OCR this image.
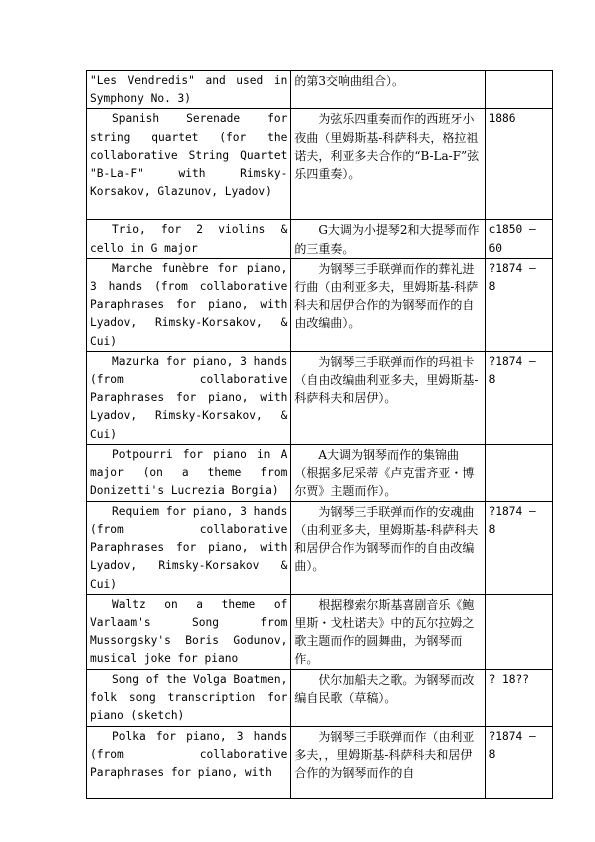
"Les Vendredis" and used in Symphony No. 3)	的第3交响曲组合）。	
Spanish Serenade for string quartet (for the collaborative String Quartet "B-La-F" with Rimsky-Korsakov, Glazunov, Lyadov)	为弦乐四重奏而作的西班牙小夜曲（里姆斯基-科萨科夫，格拉祖诺夫，利亚多夫合作的“B-La-F”弦乐四重奏）。	1886
Trio, for 2 violins & cello in G major	G大调为小提琴2和大提琴而作的三重奏。	c1850 – 60
Marche funèbre for piano, 3 hands (from collaborative Paraphrases for piano, with Lyadov, Rimsky-Korsakov, & Cui)	为钢琴三手联弹而作的葬礼进行曲（由利亚多夫，里姆斯基-科萨科夫和居伊合作的为钢琴而作的自由改编曲）。	?1874 – 8
Mazurka for piano, 3 hands (from collaborative Paraphrases for piano, with Lyadov, Rimsky-Korsakov, & Cui)	为钢琴三手联弹而作的玛祖卡（自由改编曲利亚多夫，里姆斯基-科萨科夫和居伊）。	?1874 – 8
Potpourri for piano in A major (on a theme from Donizetti's Lucrezia Borgia)	A大调为钢琴而作的集锦曲（根据多尼采蒂《卢克雷齐亚・博尔贾》主题而作）。	
Requiem for piano, 3 hands (from collaborative Paraphrases for piano, with Lyadov, Rimsky-Korsakov & Cui)	为钢琴三手联弹而作的安魂曲（由利亚多夫，里姆斯基-科萨科夫和居伊合作为钢琴而作的自由改编曲）。	?1874 – 8
Waltz on a theme of Varlaam's Song from Mussorgsky's Boris Godunov, musical joke for piano	根据穆索尔斯基喜剧音乐《鲍里斯・戈杜诺夫》中的瓦尔拉姆之歌主题而作的圆舞曲，为钢琴而作。	
Song of the Volga Boatmen, folk song transcription for piano (sketch)	伏尔加船夫之歌。为钢琴而改编自民歌（草稿）。	? 18??
Polka for piano, 3 hands (from collaborative Paraphrases for piano, with	为钢琴三手联弹而作（由利亚多夫，，里姆斯基-科萨科夫和居伊合作的为钢琴而作的自	?1874 – 8
